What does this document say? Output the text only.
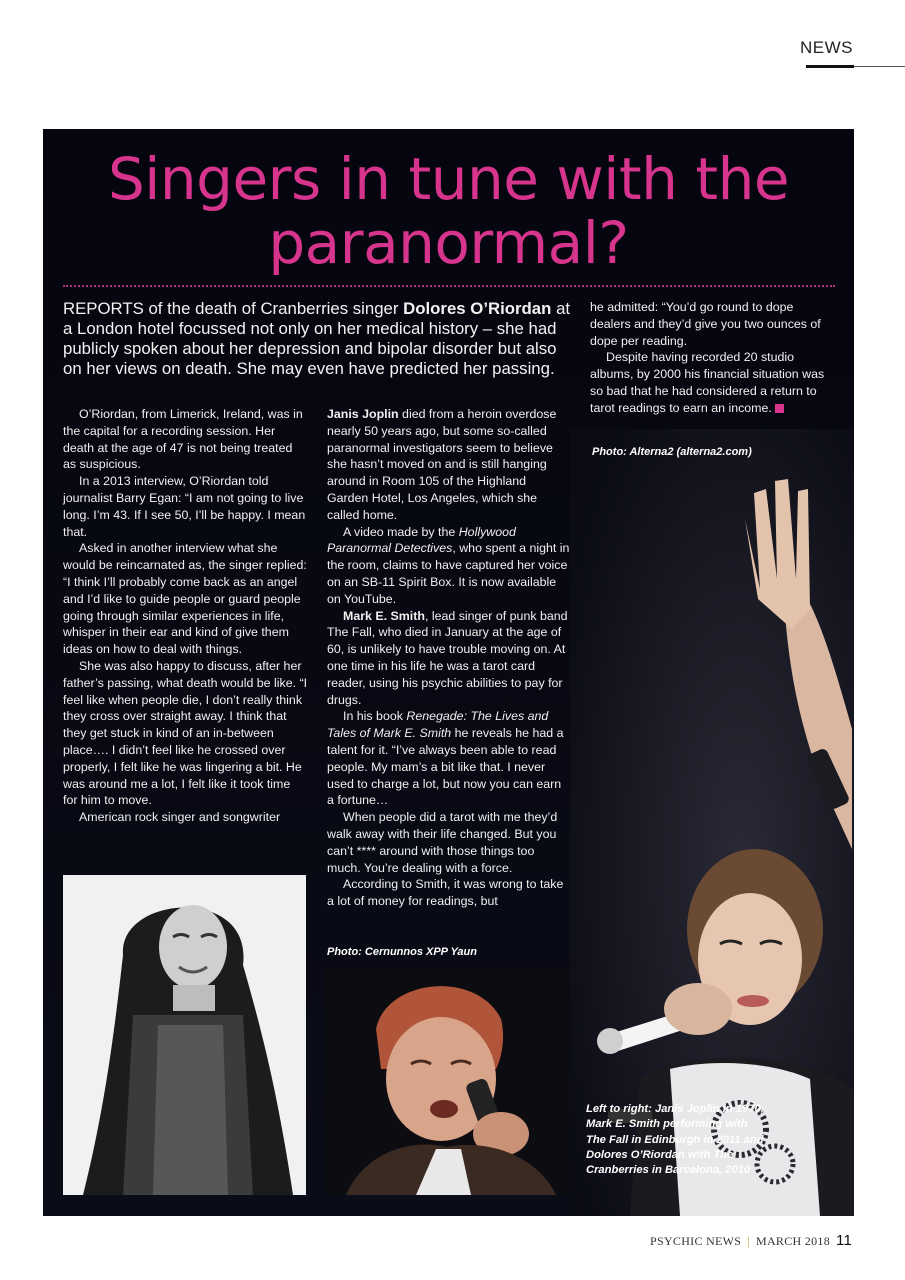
NEWS
Singers in tune with the paranormal?

REPORTS of the death of Cranberries singer Dolores O’Riordan at a London hotel focussed not only on her medical history – she had publicly spoken about her depression and bipolar disorder but also on her views on death. She may even have predicted her passing.

O’Riordan, from Limerick, Ireland, was in the capital for a recording session. Her death at the age of 47 is not being treated as suspicious.

In a 2013 interview, O’Riordan told journalist Barry Egan: “I am not going to live long. I’m 43. If I see 50, I’ll be happy. I mean that.

Asked in another interview what she would be reincarnated as, the singer replied: “I think I’ll probably come back as an angel and I’d like to guide people or guard people going through similar experiences in life, whisper in their ear and kind of give them ideas on how to deal with things.

She was also happy to discuss, after her father’s passing, what death would be like. “I feel like when people die, I don’t really think they cross over straight away. I think that they get stuck in kind of an in-between place…. I didn’t feel like he crossed over properly, I felt like he was lingering a bit. He was around me a lot, I felt like it took time for him to move.

American rock singer and songwriter

Janis Joplin died from a heroin overdose nearly 50 years ago, but some so-called paranormal investigators seem to believe she hasn’t moved on and is still hanging around in Room 105 of the Highland Garden Hotel, Los Angeles, which she called home.

A video made by the Hollywood Paranormal Detectives, who spent a night in the room, claims to have captured her voice on an SB-11 Spirit Box. It is now available on YouTube.

Mark E. Smith, lead singer of punk band The Fall, who died in January at the age of 60, is unlikely to have trouble moving on. At one time in his life he was a tarot card reader, using his psychic abilities to pay for drugs.

In his book Renegade: The Lives and Tales of Mark E. Smith he reveals he had a talent for it. “I’ve always been able to read people. My mam’s a bit like that. I never used to charge a lot, but now you can earn a fortune…

When people did a tarot with me they’d walk away with their life changed. But you can’t **** around with those things too much. You’re dealing with a force.

According to Smith, it was wrong to take a lot of money for readings, but

he admitted: “You’d go round to dope dealers and they’d give you two ounces of dope per reading.

Despite having recorded 20 studio albums, by 2000 his financial situation was so bad that he had considered a return to tarot readings to earn an income.

Photo: Alterna2 (alterna2.com)
Photo: Cernunnos XPP Yaun
Left to right: Janis Joplin in 1970, Mark E. Smith performing with The Fall in Edinburgh in 2011 and Dolores O’Riordan with The Cranberries in Barcelona, 2010
PSYCHIC NEWS | MARCH 2018 11
